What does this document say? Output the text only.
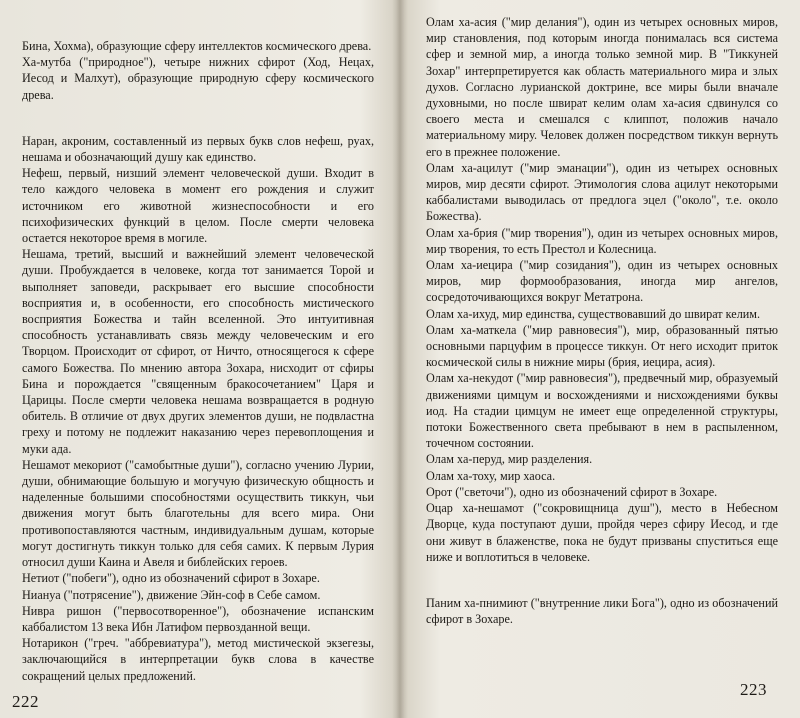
Бина, Хохма), образующие сферу интеллектов космического древа.

Ха-мутба ("природное"), четыре нижних сфирот (Ход, Нецах, Иесод и Малхут), образующие природную сферу космического древа.

Наран, акроним, составленный из первых букв слов нефеш, руах, нешама и обозначающий душу как единство.

Нефеш, первый, низший элемент человеческой души. Входит в тело каждого человека в момент его рождения и служит источником его животной жизнеспособности и его психофизических функций в целом. После смерти человека остается некоторое время в могиле.

Нешама, третий, высший и важнейший элемент человеческой души. Пробуждается в человеке, когда тот занимается Торой и выполняет заповеди, раскрывает его высшие способности восприятия и, в особенности, его способность мистического восприятия Божества и тайн вселенной. Это интуитивная способность устанавливать связь между человеческим и его Творцом. Происходит от сфирот, от Ничто, относящегося к сфере самого Божества. По мнению автора Зохара, нисходит от сфиры Бина и порождается "священным бракосочетанием" Царя и Царицы. После смерти человека нешама возвращается в родную обитель. В отличие от двух других элементов души, не подвластна греху и потому не подлежит наказанию через перевоплощения и муки ада.

Нешамот мекориот ("самобытные души"), согласно учению Лурии, души, обнимающие большую и могучую физическую общность и наделенные большими способностями осуществить тиккун, чьи движения могут быть благотельны для всего мира. Они противопоставляются частным, индивидуальным душам, которые могут достигнуть тиккун только для себя самих. К первым Лурия относил души Каина и Авеля и библейских героев.

Нетиот ("побеги"), одно из обозначений сфирот в Зохаре.

Ниануа ("потрясение"), движение Эйн-соф в Себе самом.

Нивра ришон ("первосотворенное"), обозначение испанским каббалистом 13 века Ибн Латифом первозданной вещи.

Нотарикон ("греч. "аббревиатура"), метод мистической экзегезы, заключающийся в интерпретации букв слова в качестве сокращений целых предложений.

222

Олам ха-асия ("мир делания"), один из четырех основных миров, мир становления, под которым иногда понималась вся система сфер и земной мир, а иногда только земной мир. В "Тиккуней Зохар" интерпретируется как область материального мира и злых духов. Согласно лурианской доктрине, все миры были вначале духовными, но после швират келим олам ха-асия сдвинулся со своего места и смешался с клиппот, положив начало материальному миру. Человек должен посредством тиккун вернуть его в прежнее положение.

Олам ха-ацилут ("мир эманации"), один из четырех основных миров, мир десяти сфирот. Этимология слова ацилут некоторыми каббалистами выводилась от предлога эцел ("около", т.е. около Божества).

Олам ха-брия ("мир творения"), один из четырех основных миров, мир творения, то есть Престол и Колесница.

Олам ха-иецира ("мир созидания"), один из четырех основных миров, мир формообразования, иногда мир ангелов, сосредоточивающихся вокруг Метатрона.

Олам ха-ихуд, мир единства, существовавший до швират келим.

Олам ха-маткела ("мир равновесия"), мир, образованный пятью основными парцуфим в процессе тиккун. От него исходит приток космической силы в нижние миры (брия, иецира, асия).

Олам ха-некудот ("мир равновесия"), предвечный мир, образуемый движениями цимцум и восхождениями и нисхождениями буквы иод. На стадии цимцум не имеет еще определенной структуры, потоки Божественного света пребывают в нем в распыленном, точечном состоянии.

Олам ха-перуд, мир разделения.

Олам ха-тоху, мир хаоса.

Орот ("светочи"), одно из обозначений сфирот в Зохаре.

Оцар ха-нешамот ("сокровищница душ"), место в Небесном Дворце, куда поступают души, пройдя через сфиру Иесод, и где они живут в блаженстве, пока не будут призваны спуститься еще ниже и воплотиться в человеке.

Паним ха-пнимиют ("внутренние лики Бога"), одно из обозначений сфирот в Зохаре.

223
